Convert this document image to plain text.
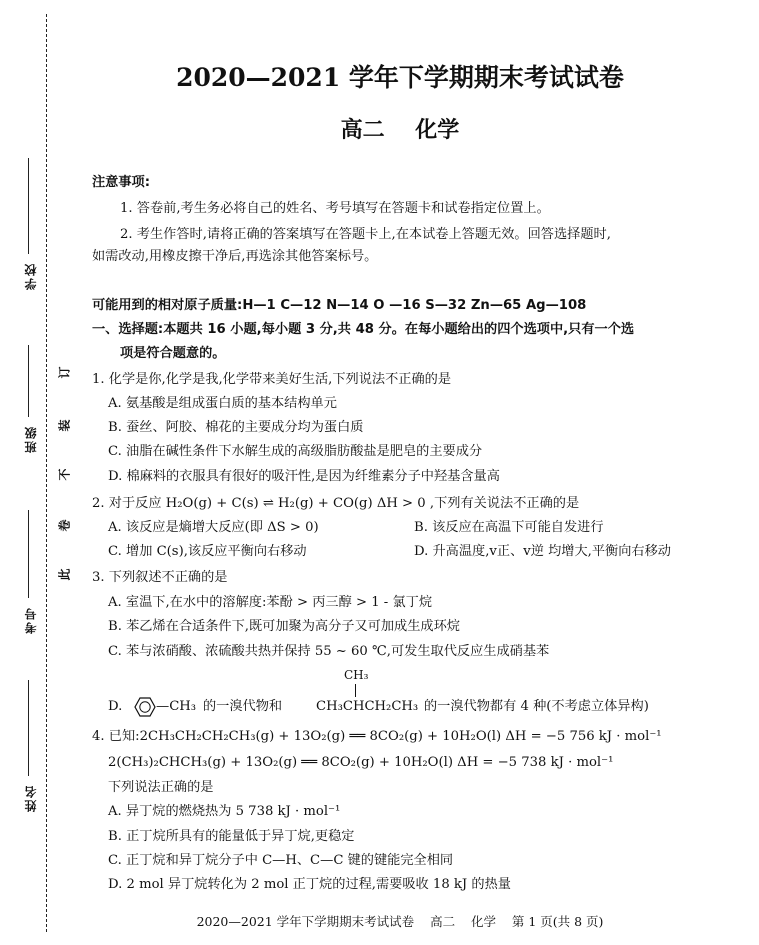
学校
班级
考号
姓名
订
装
不
卷
此
2020—2021 学年下学期期末考试试卷
高二    化学
注意事项:
1. 答卷前,考生务必将自己的姓名、考号填写在答题卡和试卷指定位置上。
2. 考生作答时,请将正确的答案填写在答题卡上,在本试卷上答题无效。回答选择题时,
如需改动,用橡皮擦干净后,再选涂其他答案标号。
可能用到的相对原子质量:H—1 C—12 N—14 O —16 S—32 Zn—65 Ag—108
一、选择题:本题共 16 小题,每小题 3 分,共 48 分。在每小题给出的四个选项中,只有一个选
项是符合题意的。
1. 化学是你,化学是我,化学带来美好生活,下列说法不正确的是
A. 氨基酸是组成蛋白质的基本结构单元
B. 蚕丝、阿胶、棉花的主要成分均为蛋白质
C. 油脂在碱性条件下水解生成的高级脂肪酸盐是肥皂的主要成分
D. 棉麻料的衣服具有很好的吸汗性,是因为纤维素分子中羟基含量高
2. 对于反应 H₂O(g) + C(s) ⇌ H₂(g) + CO(g) ΔH > 0 ,下列有关说法不正确的是
A. 该反应是熵增大反应(即 ΔS > 0)	B. 该反应在高温下可能自发进行
C. 增加 C(s),该反应平衡向右移动	D. 升高温度,v正、v逆 均增大,平衡向右移动
3. 下列叙述不正确的是
A. 室温下,在水中的溶解度:苯酚 > 丙三醇 > 1 - 氯丁烷
B. 苯乙烯在合适条件下,既可加聚为高分子又可加成生成环烷
C. 苯与浓硝酸、浓硫酸共热并保持 55 ~ 60 ℃,可发生取代反应生成硝基苯
D.	—CH₃ 的一溴代物和
CH₃
CH₃CHCH₂CH₃ 的一溴代物都有 4 种(不考虑立体异构)
4. 已知:2CH₃CH₂CH₂CH₃(g) + 13O₂(g) ══ 8CO₂(g) + 10H₂O(l) ΔH = −5 756 kJ · mol⁻¹
2(CH₃)₂CHCH₃(g) + 13O₂(g) ══ 8CO₂(g) + 10H₂O(l) ΔH = −5 738 kJ · mol⁻¹
下列说法正确的是
A. 异丁烷的燃烧热为 5 738 kJ · mol⁻¹
B. 正丁烷所具有的能量低于异丁烷,更稳定
C. 正丁烷和异丁烷分子中 C—H、C—C 键的键能完全相同
D. 2 mol 异丁烷转化为 2 mol 正丁烷的过程,需要吸收 18 kJ 的热量
2020—2021 学年下学期期末考试试卷    高二    化学    第 1 页(共 8 页)
